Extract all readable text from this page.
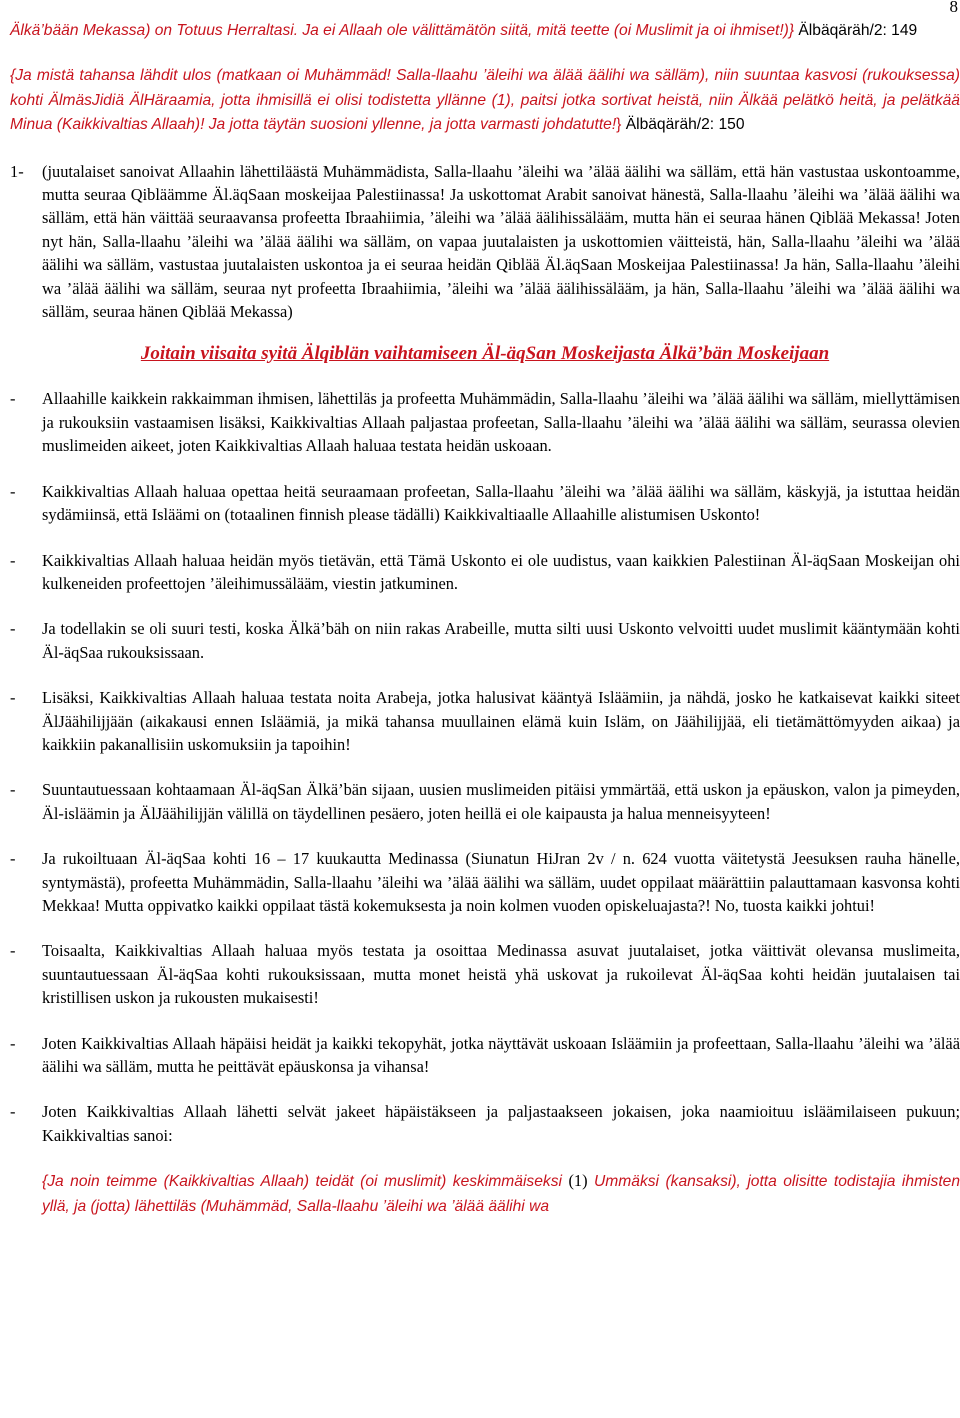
8

Älkä’bään Mekassa) on Totuus Herraltasi. Ja ei Allaah ole välittämätön siitä, mitä teette (oi Muslimit ja oi ihmiset!)} Älbäqäräh/2: 149

{Ja mistä tahansa lähdit ulos (matkaan oi Muhämmäd! Salla-llaahu ’äleihi wa älää äälihi wa sälläm), niin suuntaa kasvosi (rukouksessa) kohti ÄlmäsJidiä ÄlHäraamia, jotta ihmisillä ei olisi todistetta yllänne (1), paitsi jotka sortivat heistä, niin Älkää pelätkö heitä, ja pelätkää Minua (Kaikkivaltias Allaah)! Ja jotta täytän suosioni yllenne, ja jotta varmasti johdatutte!} Älbäqäräh/2: 150

1-	(juutalaiset sanoivat Allaahin lähettiläästä Muhämmädista, Salla-llaahu ’äleihi wa ’älää äälihi wa sälläm, että hän vastustaa uskontoamme, mutta seuraa Qibläämme Äl.äqSaan moskeijaa Palestiinassa! Ja uskottomat Arabit sanoivat hänestä, Salla-llaahu ’äleihi wa ’älää äälihi wa sälläm, että hän väittää seuraavansa profeetta Ibraahiimia, ’äleihi wa ’älää äälihissälääm, mutta hän ei seuraa hänen Qiblää Mekassa! Joten nyt hän, Salla-llaahu ’äleihi wa ’älää äälihi wa sälläm, on vapaa juutalaisten ja uskottomien väitteistä, hän, Salla-llaahu ’äleihi wa ’älää äälihi wa sälläm, vastustaa juutalaisten uskontoa ja ei seuraa heidän Qiblää Äl.äqSaan Moskeijaa Palestiinassa! Ja hän, Salla-llaahu ’äleihi wa ’älää äälihi wa sälläm, seuraa nyt profeetta Ibraahiimia, ’äleihi wa ’älää äälihissälääm, ja hän, Salla-llaahu ’äleihi wa ’älää äälihi wa sälläm, seuraa hänen Qiblää Mekassa)

Joitain viisaita syitä Älqiblän vaihtamiseen Äl-äqSan Moskeijasta Älkä’bän Moskeijaan
-	Allaahille kaikkein rakkaimman ihmisen, lähettiläs ja profeetta Muhämmädin, Salla-llaahu ’äleihi wa ’älää äälihi wa sälläm, miellyttämisen ja rukouksiin vastaamisen lisäksi, Kaikkivaltias Allaah paljastaa profeetan, Salla-llaahu ’äleihi wa ’älää äälihi wa sälläm, seurassa olevien muslimeiden aikeet, joten Kaikkivaltias Allaah haluaa testata heidän uskoaan.

-	Kaikkivaltias Allaah haluaa opettaa heitä seuraamaan profeetan, Salla-llaahu ’äleihi wa ’älää äälihi wa sälläm, käskyjä, ja istuttaa heidän sydämiinsä, että Isläämi on (totaalinen finnish please tädälli) Kaikkivaltiaalle Allaahille alistumisen Uskonto!

-	Kaikkivaltias Allaah haluaa heidän myös tietävän, että Tämä Uskonto ei ole uudistus, vaan kaikkien Palestiinan Äl-äqSaan Moskeijan ohi kulkeneiden profeettojen ’äleihimussälääm, viestin jatkuminen.

-	Ja todellakin se oli suuri testi, koska Älkä’bäh on niin rakas Arabeille, mutta silti uusi Uskonto velvoitti uudet muslimit kääntymään kohti Äl-äqSaa rukouksissaan.

-	Lisäksi, Kaikkivaltias Allaah haluaa testata noita Arabeja, jotka halusivat kääntyä Isläämiin, ja nähdä, josko he katkaisevat kaikki siteet ÄlJäähilijjään (aikakausi ennen Isläämiä, ja mikä tahansa muullainen elämä kuin Isläm, on Jäähilijjää, eli tietämättömyyden aikaa) ja kaikkiin pakanallisiin uskomuksiin ja tapoihin!

-	Suuntautuessaan kohtaamaan Äl-äqSan Älkä’bän sijaan, uusien muslimeiden pitäisi ymmärtää, että uskon ja epäuskon, valon ja pimeyden, Äl-isläämin ja ÄlJäähilijjän välillä on täydellinen pesäero, joten heillä ei ole kaipausta ja halua menneisyyteen!

-	Ja rukoiltuaan Äl-äqSaa kohti 16 – 17 kuukautta Medinassa (Siunatun HiJran 2v / n. 624 vuotta väitetystä Jeesuksen rauha hänelle, syntymästä), profeetta Muhämmädin, Salla-llaahu ’äleihi wa ’älää äälihi wa sälläm, uudet oppilaat määrättiin palauttamaan kasvonsa kohti Mekkaa! Mutta oppivatko kaikki oppilaat tästä kokemuksesta ja noin kolmen vuoden opiskeluajasta?! No, tuosta kaikki johtui!

-	Toisaalta, Kaikkivaltias Allaah haluaa myös testata ja osoittaa Medinassa asuvat juutalaiset, jotka väittivät olevansa muslimeita, suuntautuessaan Äl-äqSaa kohti rukouksissaan, mutta monet heistä yhä uskovat ja rukoilevat Äl-äqSaa kohti heidän juutalaisen tai kristillisen uskon ja rukousten mukaisesti!

-	Joten Kaikkivaltias Allaah häpäisi heidät ja kaikki tekopyhät, jotka näyttävät uskoaan Isläämiin ja profeettaan, Salla-llaahu ’äleihi wa ’älää äälihi wa sälläm, mutta he peittävät epäuskonsa ja vihansa!

-	Joten Kaikkivaltias Allaah lähetti selvät jakeet häpäistäkseen ja paljastaakseen jokaisen, joka naamioituu isläämilaiseen pukuun; Kaikkivaltias sanoi:

{Ja noin teimme (Kaikkivaltias Allaah) teidät (oi muslimit) keskimmäiseksi (1) Ummäksi (kansaksi), jotta olisitte todistajia ihmisten yllä, ja (jotta) lähettiläs (Muhämmäd, Salla-llaahu ’äleihi wa ’älää äälihi wa
